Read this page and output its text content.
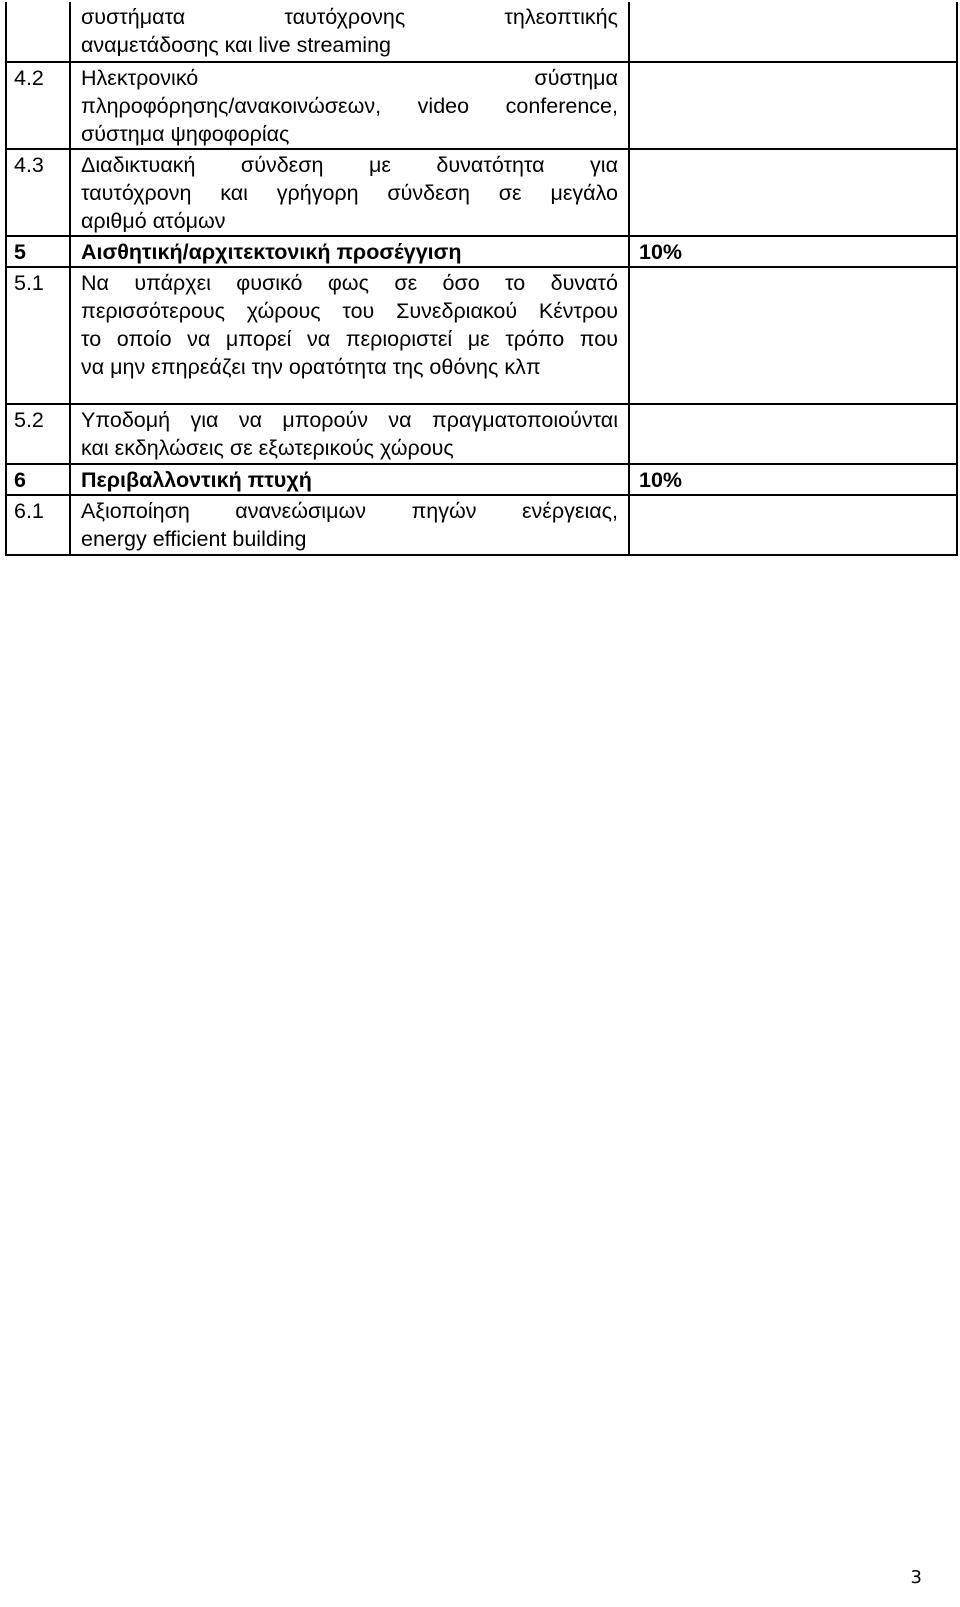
	συστήματα ταυτόχρονης τηλεοπτικής
αναμετάδοσης και live streaming	

4.2	Ηλεκτρονικό σύστημα
πληροφόρησης/ανακοινώσεων, video conference,
σύστημα ψηφοφορίας	

4.3	Διαδικτυακή σύνδεση με δυνατότητα για
ταυτόχρονη και γρήγορη σύνδεση σε μεγάλο
αριθμό ατόμων	

5	Αισθητική/αρχιτεκτονική προσέγγιση	10%
5.1	Να υπάρχει φυσικό φως σε όσο το δυνατό
περισσότερους χώρους του Συνεδριακού Κέντρου
το οποίο να μπορεί να περιοριστεί με τρόπο που
να μην επηρεάζει την ορατότητα της οθόνης κλπ	

5.2	Υποδομή για να μπορούν να πραγματοποιούνται
και εκδηλώσεις σε εξωτερικούς χώρους	

6	Περιβαλλοντική πτυχή	10%
6.1	Αξιοποίηση ανανεώσιμων πηγών ενέργειας,
energy efficient building	

3
